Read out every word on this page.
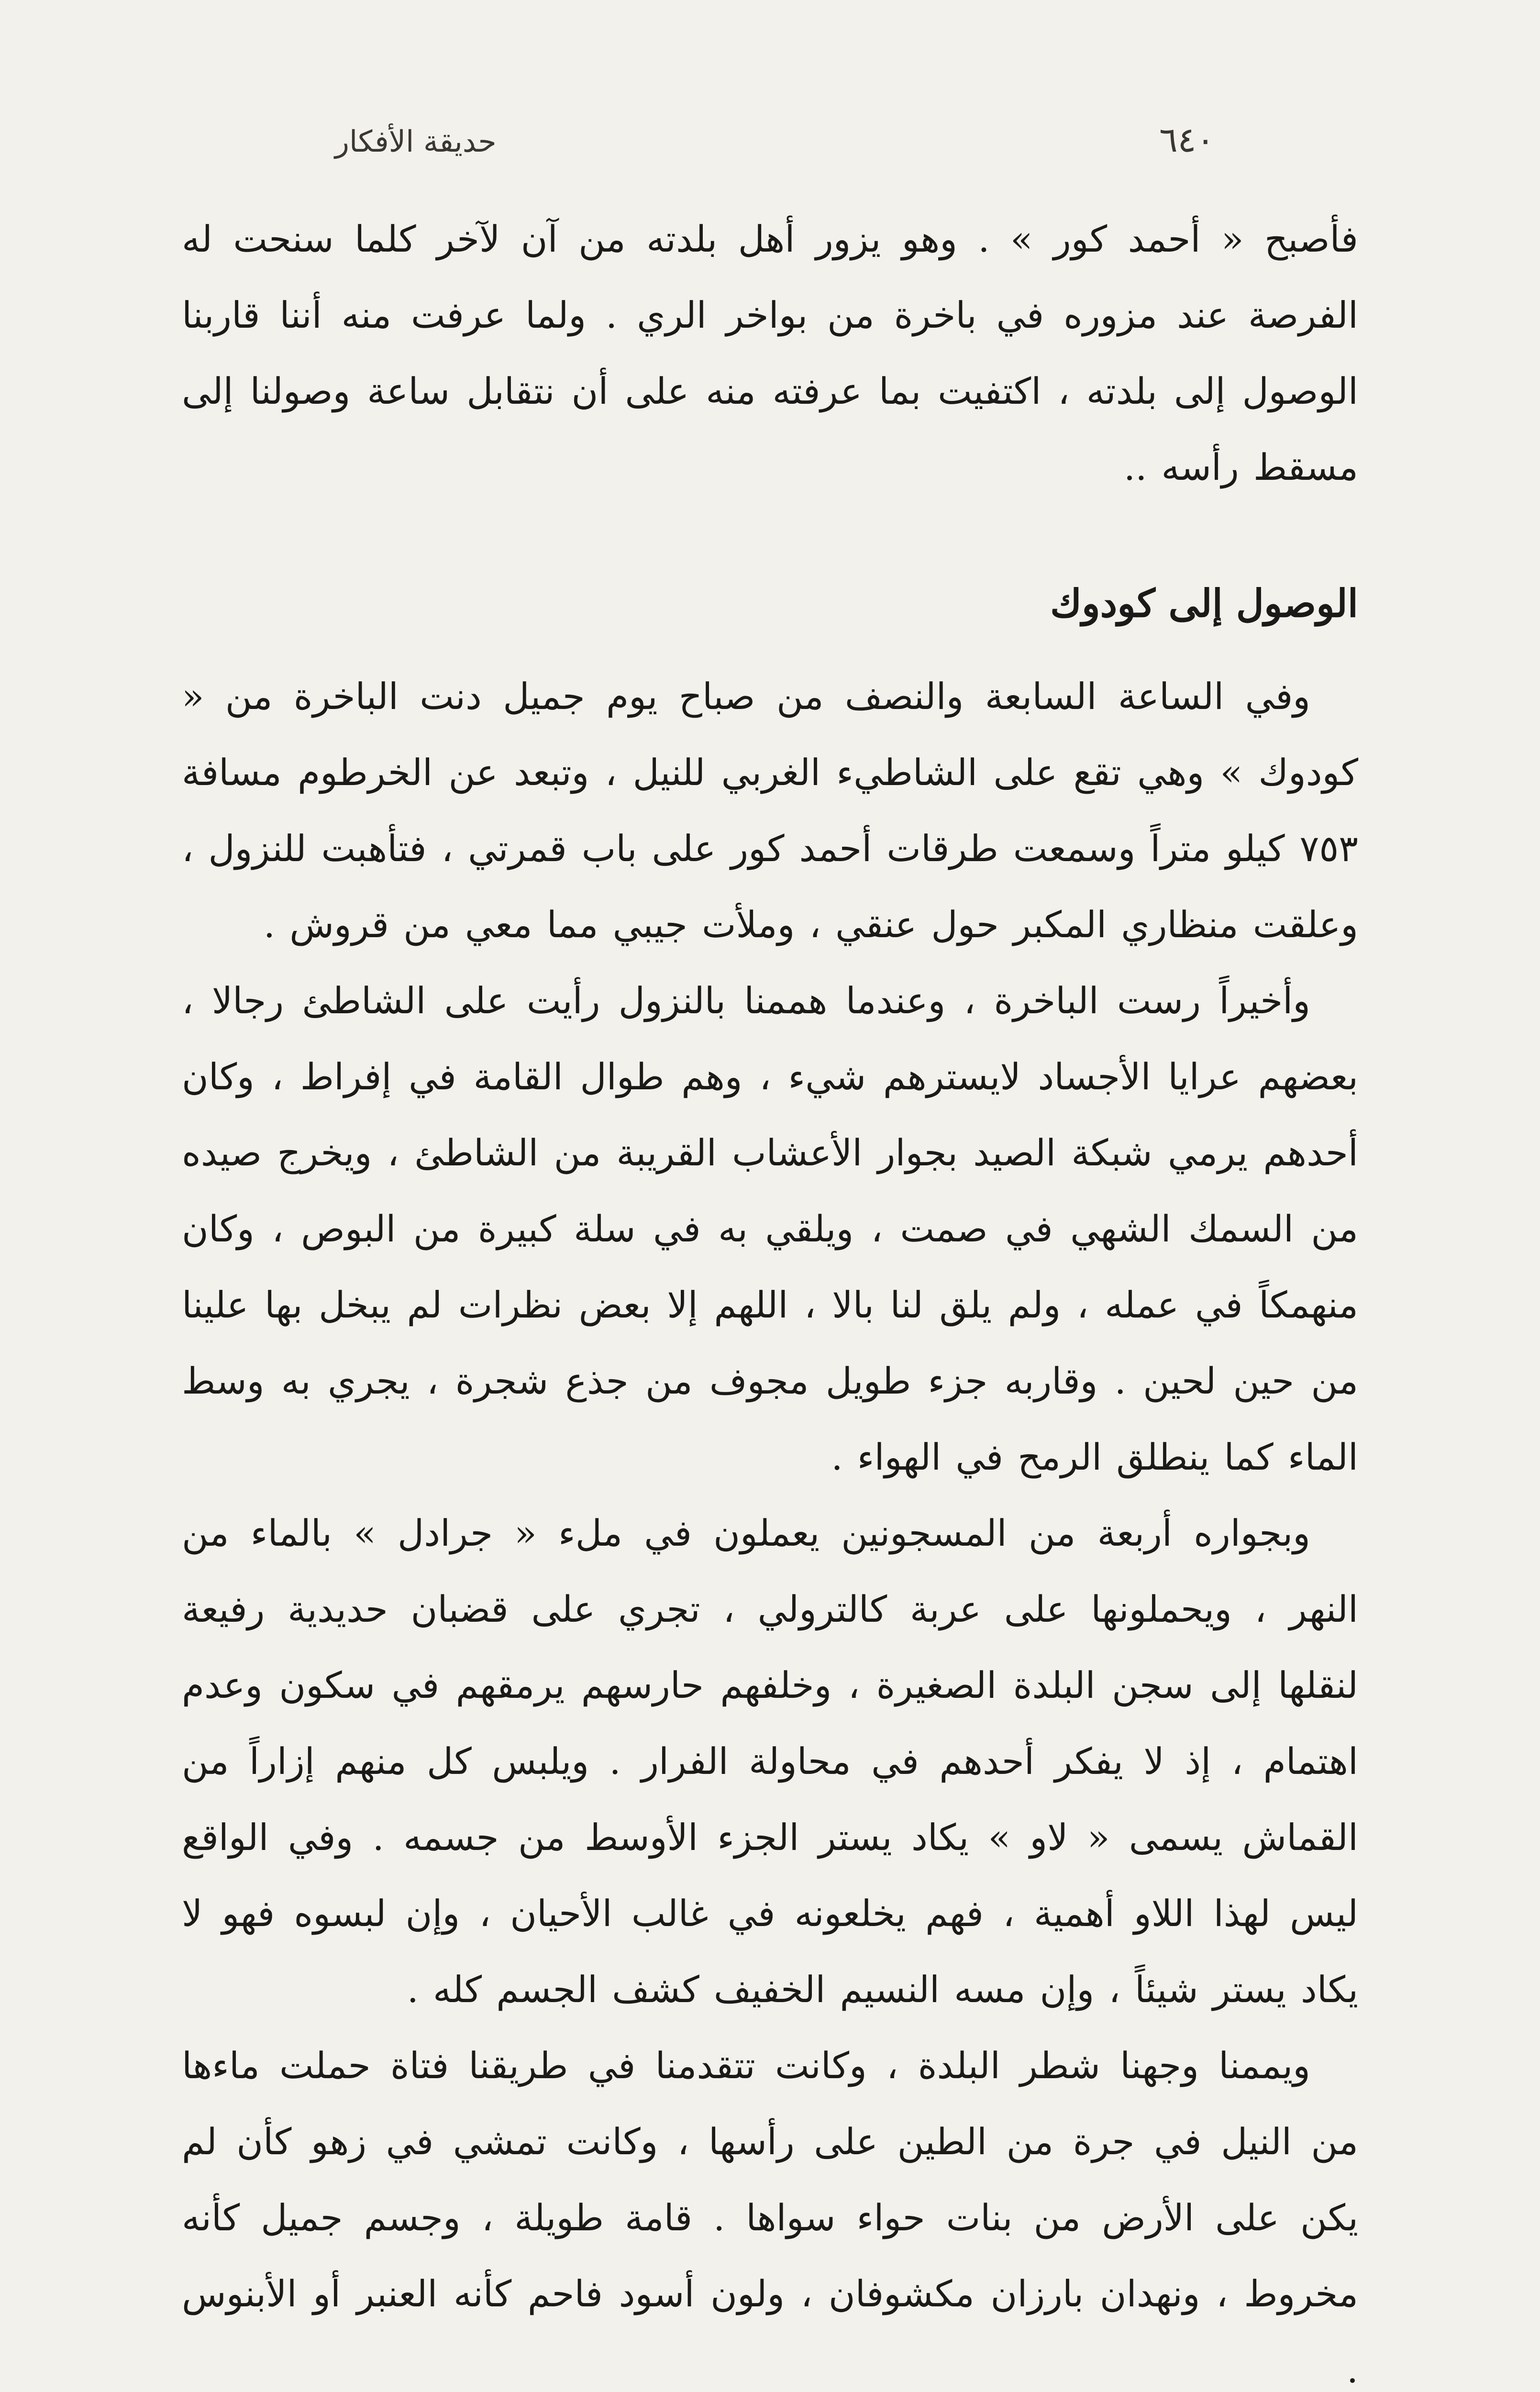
٦٤٠
حديقة الأفكار

فأصبح « أحمد كور » . وهو يزور أهل بلدته من آن لآخر كلما سنحت له الفرصة عند مزوره في باخرة من بواخر الري . ولما عرفت منه أننا قاربنا الوصول إلى بلدته ، اكتفيت بما عرفته منه على أن نتقابل ساعة وصولنا إلى مسقط رأسه ..

الوصول إلى كودوك

وفي الساعة السابعة والنصف من صباح يوم جميل دنت الباخرة من « كودوك » وهي تقع على الشاطيء الغربي للنيل ، وتبعد عن الخرطوم مسافة ٧٥٣ كيلو متراً وسمعت طرقات أحمد كور على باب قمرتي ، فتأهبت للنزول ، وعلقت منظاري المكبر حول عنقي ، وملأت جيبي مما معي من قروش .

وأخيراً رست الباخرة ، وعندما هممنا بالنزول رأيت على الشاطئ رجالا ، بعضهم عرايا الأجساد لايسترهم شيء ، وهم طوال القامة في إفراط ، وكان أحدهم يرمي شبكة الصيد بجوار الأعشاب القريبة من الشاطئ ، ويخرج صيده من السمك الشهي في صمت ، ويلقي به في سلة كبيرة من البوص ، وكان منهمكاً في عمله ، ولم يلق لنا بالا ، اللهم إلا بعض نظرات لم يبخل بها علينا من حين لحين . وقاربه جزء طويل مجوف من جذع شجرة ، يجري به وسط الماء كما ينطلق الرمح في الهواء .

وبجواره أربعة من المسجونين يعملون في ملء « جرادل » بالماء من النهر ، ويحملونها على عربة كالترولي ، تجري على قضبان حديدية رفيعة لنقلها إلى سجن البلدة الصغيرة ، وخلفهم حارسهم يرمقهم في سكون وعدم اهتمام ، إذ لا يفكر أحدهم في محاولة الفرار . ويلبس كل منهم إزاراً من القماش يسمى « لاو » يكاد يستر الجزء الأوسط من جسمه . وفي الواقع ليس لهذا اللاو أهمية ، فهم يخلعونه في غالب الأحيان ، وإن لبسوه فهو لا يكاد يستر شيئاً ، وإن مسه النسيم الخفيف كشف الجسم كله .

ويممنا وجهنا شطر البلدة ، وكانت تتقدمنا في طريقنا فتاة حملت ماءها من النيل في جرة من الطين على رأسها ، وكانت تمشي في زهو كأن لم يكن على الأرض من بنات حواء سواها . قامة طويلة ، وجسم جميل كأنه مخروط ، ونهدان بارزان مكشوفان ، ولون أسود فاحم كأنه العنبر أو الأبنوس .
